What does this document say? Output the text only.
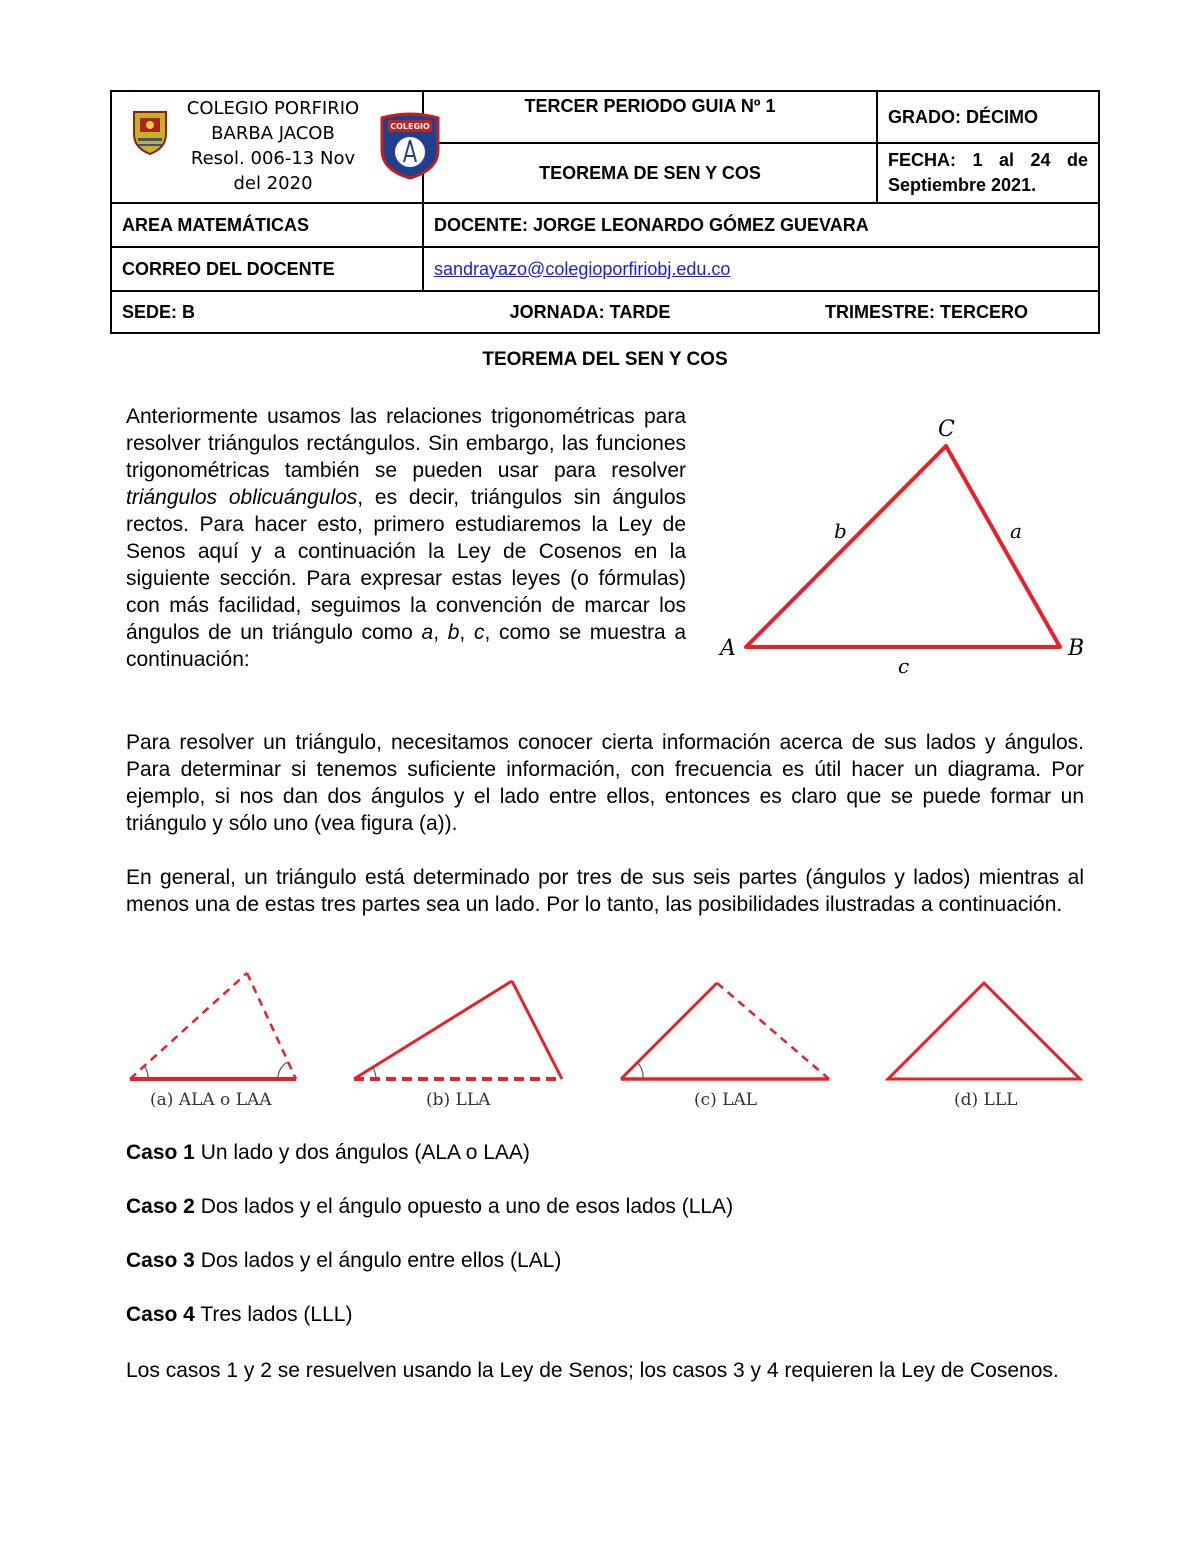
COLEGIO PORFIRIO
BARBA JACOB
Resol. 006-13 Nov
del 2020
COLEGIO	TERCER PERIODO GUIA Nº 1	GRADO: DÉCIMO
	TEOREMA DE SEN Y COS	FECHA: 1 al 24 de Septiembre 2021.
AREA MATEMÁTICAS	DOCENTE: JORGE LEONARDO GÓMEZ GUEVARA	
CORREO DEL DOCENTE	sandrayazo@colegioporfiriobj.edu.co	

SEDE: B JORNADA: TARDE TRIMESTRE: TERCERO		
TEOREMA DEL SEN Y COS
Anteriormente usamos las relaciones trigonométricas para resolver triángulos rectángulos. Sin embargo, las funciones trigonométricas también se pueden usar para resolver triángulos oblicuángulos, es decir, triángulos sin ángulos rectos. Para hacer esto, primero estudiaremos la Ley de Senos aquí y a continuación la Ley de Cosenos en la siguiente sección. Para expresar estas leyes (o fórmulas) con más facilidad, seguimos la convención de marcar los ángulos de un triángulo como a, b, c, como se muestra a continuación:	A	B
C
a
b
c
Para resolver un triángulo, necesitamos conocer cierta información acerca de sus lados y ángulos. Para determinar si tenemos suficiente información, con frecuencia es útil hacer un diagrama. Por ejemplo, si nos dan dos ángulos y el lado entre ellos, entonces es claro que se puede formar un triángulo y sólo uno (vea figura (a)).
En general, un triángulo está determinado por tres de sus seis partes (ángulos y lados) mientras al menos una de estas tres partes sea un lado. Por lo tanto, las posibilidades ilustradas a continuación.
(a) ALA o LAA	(b) LLA	(c) LAL	(d) LLL
Caso 1 Un lado y dos ángulos (ALA o LAA)
Caso 2 Dos lados y el ángulo opuesto a uno de esos lados (LLA)
Caso 3 Dos lados y el ángulo entre ellos (LAL)
Caso 4 Tres lados (LLL)
Los casos 1 y 2 se resuelven usando la Ley de Senos; los casos 3 y 4 requieren la Ley de Cosenos.
